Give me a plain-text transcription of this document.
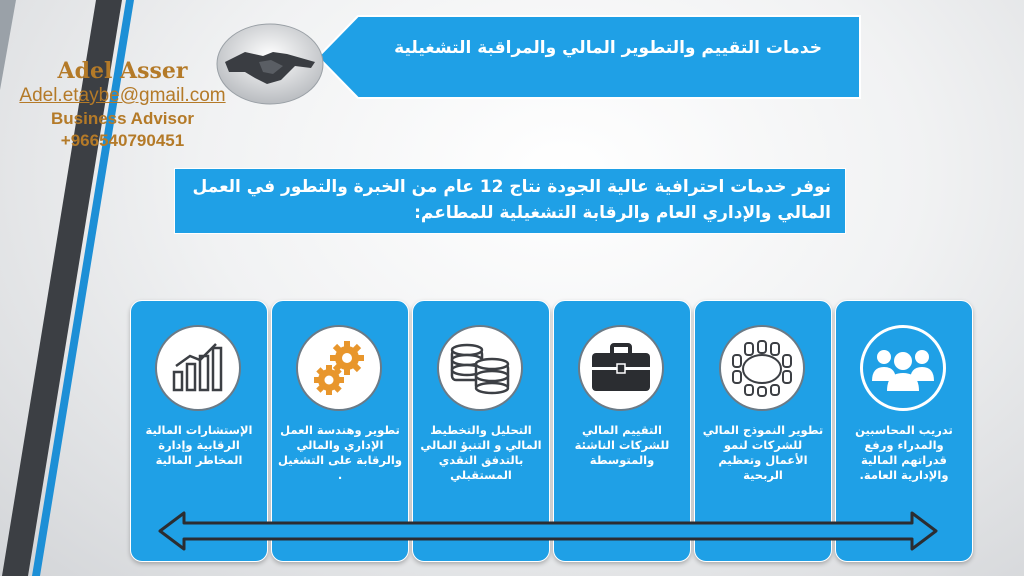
خدمات التقييم والتطوير المالي والمراقبة التشغيلية
Adel Asser
Adel.etaybe@gmail.com
Business Advisor
+966540790451
نوفر خدمات احترافية عالية الجودة نتاج 12 عام من الخبرة والتطور في العمل المالي والإداري العام والرقابة التشغيلية للمطاعم:
الإستشارات المالية الرقابية وإدارة المخاطر المالية
تطوير وهندسة العمل الإداري والمالي والرقابة على التشغيل .
التحليل والتخطيط المالي و التنبؤ المالي بالتدفق النقدي المستقبلي
التقييم المالي للشركات الناشئة والمتوسطة
تطوير النموذج المالي للشركات لنمو الأعمال وتعظيم الربحية
تدريب المحاسبين والمدراء ورفع قدراتهم المالية والإدارية العامة.
